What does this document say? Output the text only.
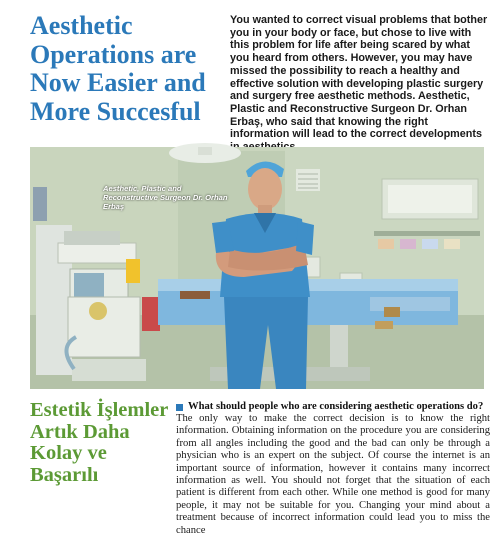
Aesthetic Operations are Now Easier and More Succesful

You wanted to correct visual problems that bother you in your body or face, but chose to live with this problem for life after being scared by what you heard from others. However, you may have missed the possibility to reach a healthy and effective solution with developing plastic surgery and surgery free aesthetic methods. Aesthetic, Plastic and Reconstructive Surgeon Dr. Orhan Erbaş, who said that knowing the right information will lead to the correct developments

Aesthetic, Plastic and Reconstructive Surgeon Dr. Orhan Erbaş

Estetik İşlemler Artık Daha Kolay ve Başarılı

What should people who are considering aesthetic operations do?

The only way to make the correct decision is to know the right information. Obtaining information on the procedure you are considering from all angles including the good and the bad can only be through a physician who is an expert on the subject. Of course the internet is an important source of information, however it contains many incorrect information as well. You should not forget that the situation of each patient is different from each other. While one method is good for many people, it may not be suitable for you. Changing your mind about a treatment because of incorrect information could lead you to miss the chance
